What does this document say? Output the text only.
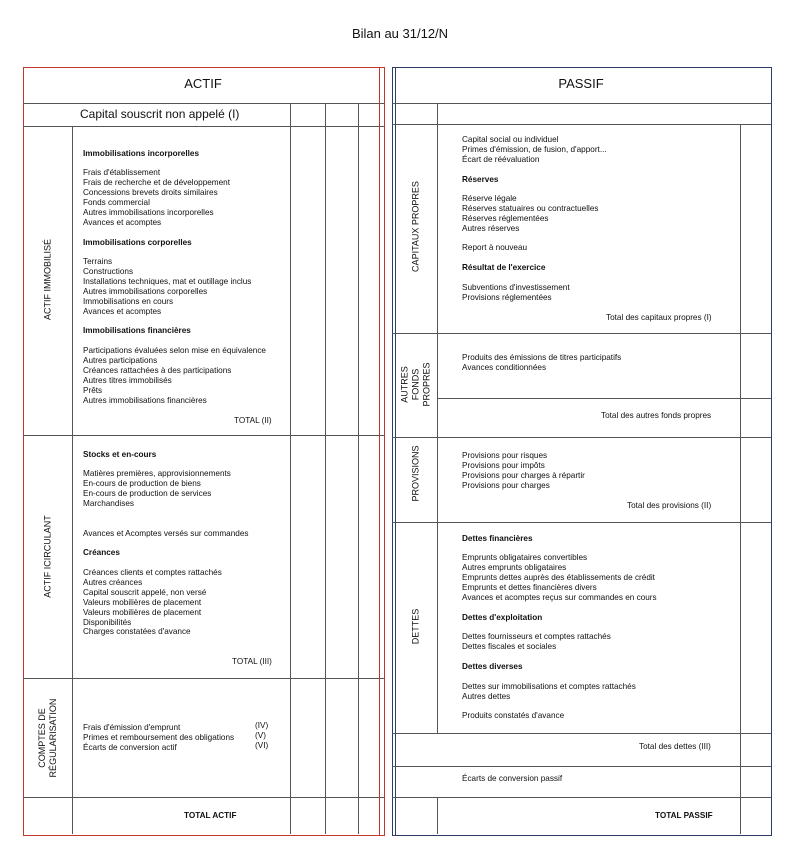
Bilan au 31/12/N
ACTIF
Capital souscrit non appelé (I)
ACTIF IMMOBILISÉ
Immobilisations incorporelles
Frais d'établissement
Frais de recherche et de développement
Concessions brevets droits similaires
Fonds commercial
Autres immobilisations incorporelles
Avances et acomptes
Immobilisations corporelles
Terrains
Constructions
Installations techniques, mat et outillage inclus
Autres immobilisations corporelles
Immobilisations en cours
Avances et acomptes
Immobilisations financières
Participations évaluées selon mise en équivalence
Autres participations
Créances rattachées à des participations
Autres titres immobilisés
Prêts
Autres immobilisations financières
TOTAL (II)
ACTIF ICIRCULANT
Stocks et en-cours
Matières premières, approvisionnements
En-cours de production de biens
En-cours de production de services
Marchandises
Avances et Acomptes versés sur commandes
Créances
Créances clients et comptes rattachés
Autres créances
Capital souscrit appelé, non versé
Valeurs mobilières de placement
Valeurs mobilières de placement
Disponibilités
Charges constatées d'avance
TOTAL (III)
COMPTES DE RÉGULARISATION	Frais d'émission d'emprunt
Primes et remboursement des obligations
Écarts de conversion actif
(IV)
(V)
(VI)
TOTAL ACTIF
PASSIF
CAPITAUX PROPRES
Capital social ou individuel
Primes d'émission, de fusion, d'apport...
Écart de réévaluation
Réserves
Réserve légale
Réserves statuaires ou contractuelles
Réserves réglementées
Autres réserves
Report à nouveau
Résultat de l'exercice
Subventions d'investissement
Provisions réglementées
Total des capitaux propres (I)
AUTRES FONDS PROPRES
Produits des émissions de titres participatifs
Avances conditionnées
Total des autres fonds propres
PROVISIONS	Provisions pour risques
Provisions pour impôts
Provisions pour charges à répartir
Provisions pour charges
Total des provisions (II)
DETTES
Dettes financières
Emprunts obligataires convertibles
Autres emprunts obligataires
Emprunts dettes auprès des établissements de crédit
Emprunts et dettes financières divers
Avances et acomptes reçus sur commandes en cours
Dettes d'exploitation
Dettes fournisseurs et comptes rattachés
Dettes fiscales et sociales
Dettes diverses
Dettes sur immobilisations et comptes rattachés
Autres dettes
Produits constatés d'avance
Total des dettes (III)
Écarts de conversion passif
TOTAL PASSIF
